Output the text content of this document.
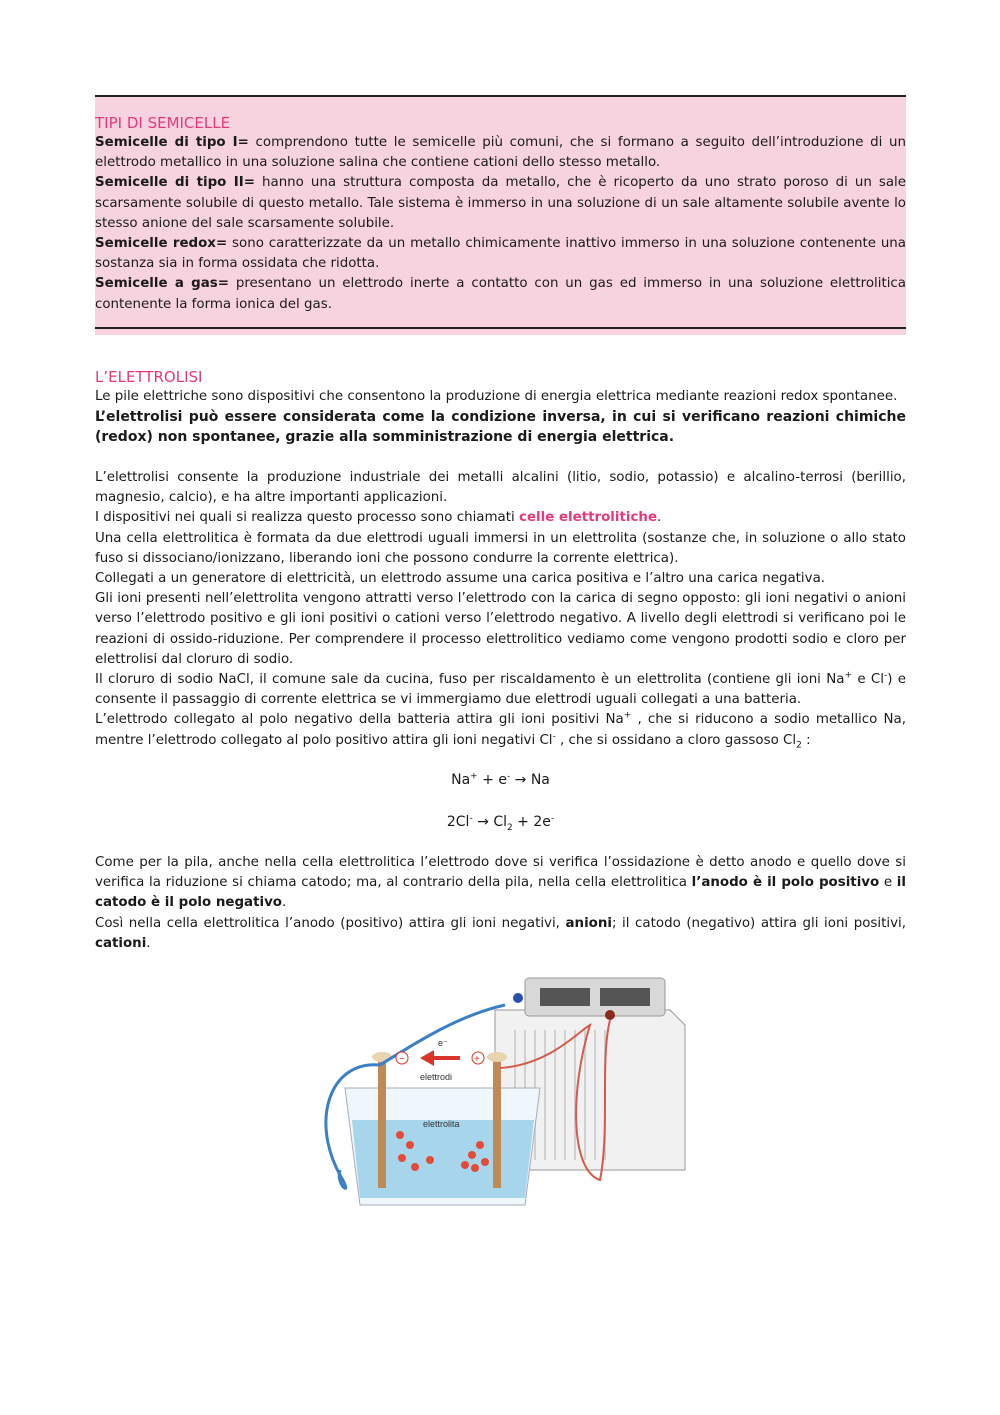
TIPI DI SEMICELLE

Semicelle di tipo I= comprendono tutte le semicelle più comuni, che si formano a seguito dell’introduzione di un elettrodo metallico in una soluzione salina che contiene cationi dello stesso metallo.

Semicelle di tipo II= hanno una struttura composta da metallo, che è ricoperto da uno strato poroso di un sale scarsamente solubile di questo metallo. Tale sistema è immerso in una soluzione di un sale altamente solubile avente lo stesso anione del sale scarsamente solubile.

Semicelle redox= sono caratterizzate da un metallo chimicamente inattivo immerso in una soluzione contenente una sostanza sia in forma ossidata che ridotta.

Semicelle a gas= presentano un elettrodo inerte a contatto con un gas ed immerso in una soluzione elettrolitica contenente la forma ionica del gas.

L’ELETTROLISI

Le pile elettriche sono dispositivi che consentono la produzione di energia elettrica mediante reazioni redox spontanee.

L’elettrolisi può essere considerata come la condizione inversa, in cui si verificano reazioni chimiche (redox) non spontanee, grazie alla somministrazione di energia elettrica.

L’elettrolisi consente la produzione industriale dei metalli alcalini (litio, sodio, potassio) e alcalino-terrosi (berillio, magnesio, calcio), e ha altre importanti applicazioni.

I dispositivi nei quali si realizza questo processo sono chiamati celle elettrolitiche.

Una cella elettrolitica è formata da due elettrodi uguali immersi in un elettrolita (sostanze che, in soluzione o allo stato fuso si dissociano/ionizzano, liberando ioni che possono condurre la corrente elettrica).

Collegati a un generatore di elettricità, un elettrodo assume una carica positiva e l’altro una carica negativa.

Gli ioni presenti nell’elettrolita vengono attratti verso l’elettrodo con la carica di segno opposto: gli ioni negativi o anioni verso l’elettrodo positivo e gli ioni positivi o cationi verso l’elettrodo negativo. A livello degli elettrodi si verificano poi le reazioni di ossido-riduzione. Per comprendere il processo elettrolitico vediamo come vengono prodotti sodio e cloro per elettrolisi dal cloruro di sodio.

Il cloruro di sodio NaCl, il comune sale da cucina, fuso per riscaldamento è un elettrolita (contiene gli ioni Na+ e Cl-) e consente il passaggio di corrente elettrica se vi immergiamo due elettrodi uguali collegati a una batteria.

L’elettrodo collegato al polo negativo della batteria attira gli ioni positivi Na+ , che si riducono a sodio metallico Na, mentre l’elettrodo collegato al polo positivo attira gli ioni negativi Cl- , che si ossidano a cloro gassoso $Cl_2$ :

Na+ + e- → Na

$2Cl^- \to Cl_2 + 2e^-$

Come per la pila, anche nella cella elettrolitica l’elettrodo dove si verifica l’ossidazione è detto anodo e quello dove si verifica la riduzione si chiama catodo; ma, al contrario della pila, nella cella elettrolitica l’anodo è il polo positivo e il catodo è il polo negativo.

Così nella cella elettrolitica l’anodo (positivo) attira gli ioni negativi, anioni; il catodo (negativo) attira gli ioni positivi, cationi.

e⁻
−	+
elettrodi
elettrolita
